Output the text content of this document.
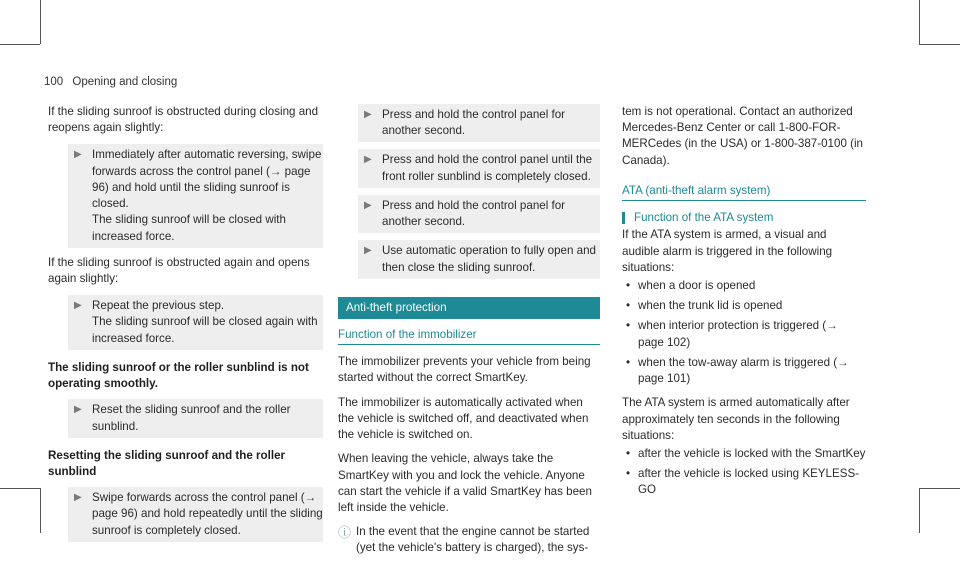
100 Opening and closing

If the sliding sunroof is obstructed during closing and reopens again slightly:

▶ Immediately after automatic reversing, swipe forwards across the control panel (→ page 96) and hold until the sliding sunroof is closed.
The sliding sunroof will be closed with increased force.

If the sliding sunroof is obstructed again and opens again slightly:

▶ Repeat the previous step.
The sliding sunroof will be closed again with increased force.
The sliding sunroof or the roller sunblind is not operating smoothly.
▶ Reset the sliding sunroof and the roller sunblind.
Resetting the sliding sunroof and the roller sunblind
▶ Swipe forwards across the control panel (→ page 96) and hold repeatedly until the sliding sunroof is completely closed.
▶ Press and hold the control panel for another second.
▶ Press and hold the control panel until the front roller sunblind is completely closed.
▶ Press and hold the control panel for another second.
▶ Use automatic operation to fully open and then close the sliding sunroof.
Anti-theft protection
Function of the immobilizer

The immobilizer prevents your vehicle from being started without the correct SmartKey.

The immobilizer is automatically activated when the vehicle is switched off, and deactivated when the vehicle is switched on.

When leaving the vehicle, always take the SmartKey with you and lock the vehicle. Anyone can start the vehicle if a valid SmartKey has been left inside the vehicle.

ⓘ In the event that the engine cannot be started (yet the vehicle's battery is charged), the sys-

tem is not operational. Contact an authorized Mercedes-Benz Center or call 1-800-FOR-MERCedes (in the USA) or 1-800-387-0100 (in Canada).

ATA (anti-theft alarm system)
Function of the ATA system

If the ATA system is armed, a visual and audible alarm is triggered in the following situations:

• when a door is opened
• when the trunk lid is opened
• when interior protection is triggered (→ page 102)
• when the tow-away alarm is triggered (→ page 101)

The ATA system is armed automatically after approximately ten seconds in the following situations:

• after the vehicle is locked with the SmartKey
• after the vehicle is locked using KEYLESS-GO
